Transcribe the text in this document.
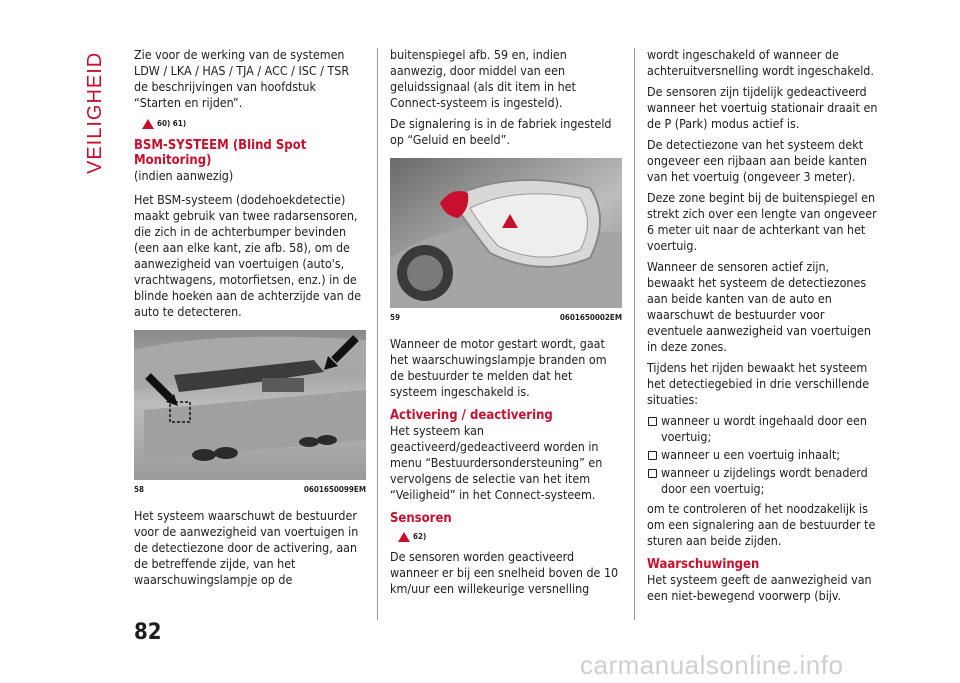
VEILIGHEID Zie voor de werking van de systemen LDW / LKA / HAS / TJA / ACC / ISC / TSR de beschrijvingen van hoofdstuk “Starten en rijden”.

60) 61)
BSM-SYSTEEM (Blind Spot Monitoring)

(indien aanwezig)

Het BSM-systeem (dodehoekdetectie) maakt gebruik van twee radarsensoren, die zich in de achterbumper bevinden (een aan elke kant, zie afb. 58), om de aanwezigheid van voertuigen (auto's, vrachtwagens, motorfietsen, enz.) in de blinde hoeken aan de achterzijde van de auto te detecteren.

58	0601650099EM

Het systeem waarschuwt de bestuurder voor de aanwezigheid van voertuigen in de detectiezone door de activering, aan de betreffende zijde, van het waarschuwingslampje op de

buitenspiegel afb. 59 en, indien aanwezig, door middel van een geluidssignaal (als dit item in het Connect-systeem is ingesteld).

De signalering is in de fabriek ingesteld op “Geluid en beeld”.

59	0601650002EM

Wanneer de motor gestart wordt, gaat het waarschuwingslampje branden om de bestuurder te melden dat het systeem ingeschakeld is.

Activering / deactivering

Het systeem kan geactiveerd/gedeactiveerd worden in menu “Bestuurdersondersteuning” en vervolgens de selectie van het item “Veiligheid” in het Connect-systeem.

Sensoren
62)

De sensoren worden geactiveerd wanneer er bij een snelheid boven de 10 km/uur een willekeurige versnelling

wordt ingeschakeld of wanneer de achteruitversnelling wordt ingeschakeld.

De sensoren zijn tijdelijk gedeactiveerd wanneer het voertuig stationair draait en de P (Park) modus actief is.

De detectiezone van het systeem dekt ongeveer een rijbaan aan beide kanten van het voertuig (ongeveer 3 meter).

Deze zone begint bij de buitenspiegel en strekt zich over een lengte van ongeveer 6 meter uit naar de achterkant van het voertuig.

Wanneer de sensoren actief zijn, bewaakt het systeem de detectiezones aan beide kanten van de auto en waarschuwt de bestuurder voor eventuele aanwezigheid van voertuigen in deze zones.

Tijdens het rijden bewaakt het systeem het detectiegebied in drie verschillende situaties:

wanneer u wordt ingehaald door een voertuig;
wanneer u een voertuig inhaalt;
wanneer u zijdelings wordt benaderd door een voertuig;

om te controleren of het noodzakelijk is om een signalering aan de bestuurder te sturen aan beide zijden.

Waarschuwingen

Het systeem geeft de aanwezigheid van een niet-bewegend voorwerp (bijv.

82
carmanualsonline.info
